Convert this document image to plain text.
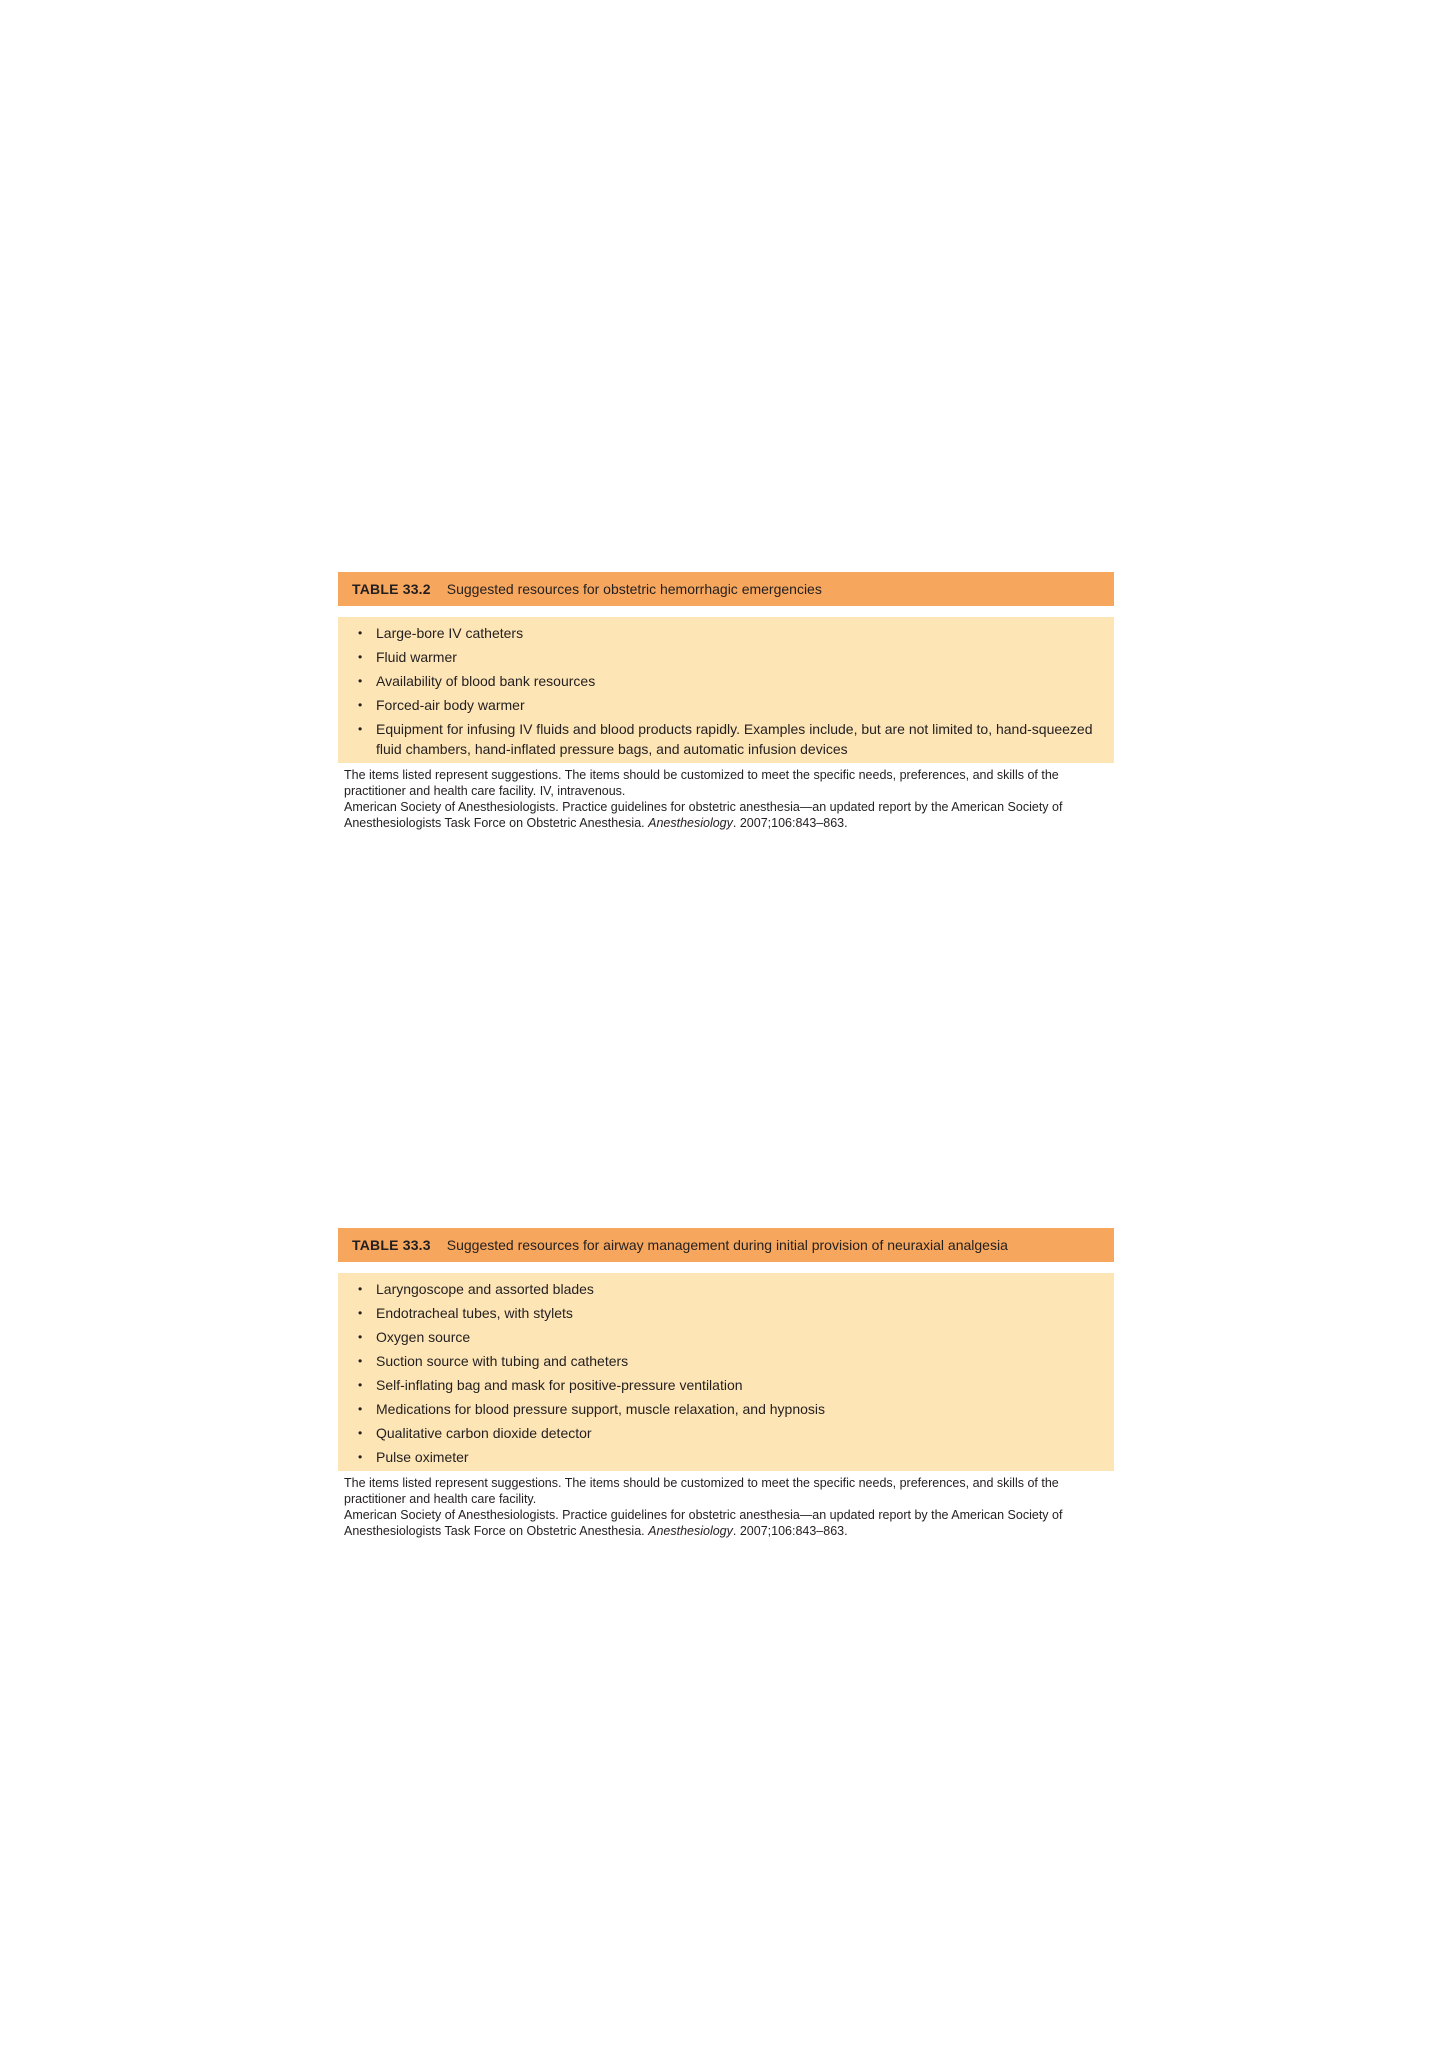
TABLE 33.2 Suggested resources for obstetric hemorrhagic emergencies
• Large-bore IV catheters
• Fluid warmer
• Availability of blood bank resources
• Forced-air body warmer
• Equipment for infusing IV fluids and blood products rapidly. Examples include, but are not limited to, hand-squeezed fluid chambers, hand-inflated pressure bags, and automatic infusion devices

The items listed represent suggestions. The items should be customized to meet the specific needs, preferences, and skills of the practitioner and health care facility. IV, intravenous.

American Society of Anesthesiologists. Practice guidelines for obstetric anesthesia—an updated report by the American Society of Anesthesiologists Task Force on Obstetric Anesthesia. Anesthesiology. 2007;106:843–863.

TABLE 33.3 Suggested resources for airway management during initial provision of neuraxial analgesia
• Laryngoscope and assorted blades
• Endotracheal tubes, with stylets
• Oxygen source
• Suction source with tubing and catheters
• Self-inflating bag and mask for positive-pressure ventilation
• Medications for blood pressure support, muscle relaxation, and hypnosis
• Qualitative carbon dioxide detector
• Pulse oximeter

The items listed represent suggestions. The items should be customized to meet the specific needs, preferences, and skills of the practitioner and health care facility.

American Society of Anesthesiologists. Practice guidelines for obstetric anesthesia—an updated report by the American Society of Anesthesiologists Task Force on Obstetric Anesthesia. Anesthesiology. 2007;106:843–863.
